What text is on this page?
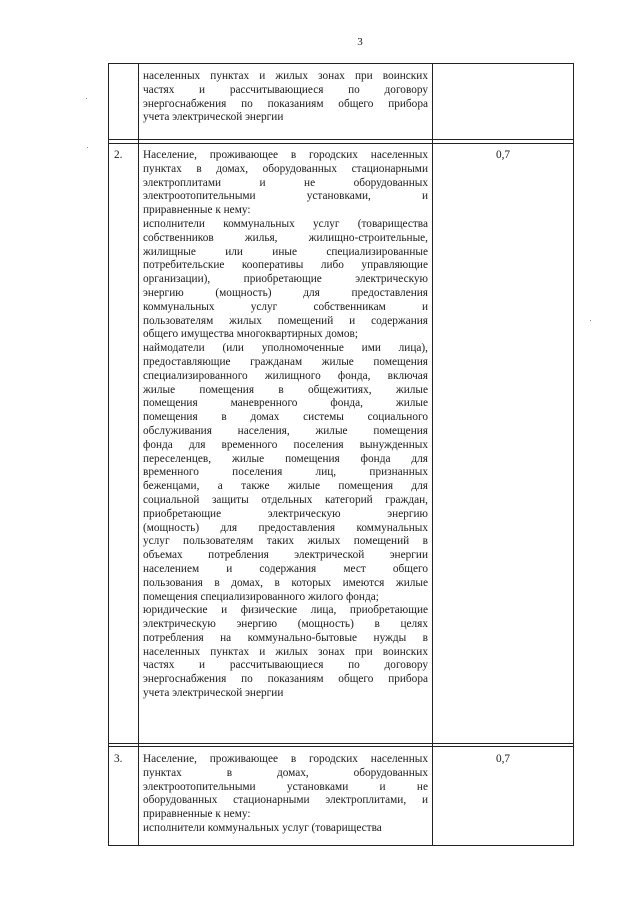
3

населенных пунктах и жилых зонах при воинских

частях и рассчитывающиеся по договору

энергоснабжения по показаниям общего прибора

учета электрической энергии

2.	0,7

Население, проживающее в городских населенных

пунктах в домах, оборудованных стационарными

электроплитами и не оборудованных

электроотопительными установками, и

приравненные к нему:

исполнители коммунальных услуг (товарищества

собственников жилья, жилищно-строительные,

жилищные или иные специализированные

потребительские кооперативы либо управляющие

организации), приобретающие электрическую

энергию (мощность) для предоставления

коммунальных услуг собственникам и

пользователям жилых помещений и содержания

общего имущества многоквартирных домов;

наймодатели (или уполномоченные ими лица),

предоставляющие гражданам жилые помещения

специализированного жилищного фонда, включая

жилые помещения в общежитиях, жилые

помещения маневренного фонда, жилые

помещения в домах системы социального

обслуживания населения, жилые помещения

фонда для временного поселения вынужденных

переселенцев, жилые помещения фонда для

временного поселения лиц, признанных

беженцами, а также жилые помещения для

социальной защиты отдельных категорий граждан,

приобретающие электрическую энергию

(мощность) для предоставления коммунальных

услуг пользователям таких жилых помещений в

объемах потребления электрической энергии

населением и содержания мест общего

пользования в домах, в которых имеются жилые

помещения специализированного жилого фонда;

юридические и физические лица, приобретающие

электрическую энергию (мощность) в целях

потребления на коммунально-бытовые нужды в

населенных пунктах и жилых зонах при воинских

частях и рассчитывающиеся по договору

энергоснабжения по показаниям общего прибора

учета электрической энергии

3.	0,7

Население, проживающее в городских населенных

пунктах в домах, оборудованных

электроотопительными установками и не

оборудованных стационарными электроплитами, и

приравненные к нему:

исполнители коммунальных услуг (товарищества
